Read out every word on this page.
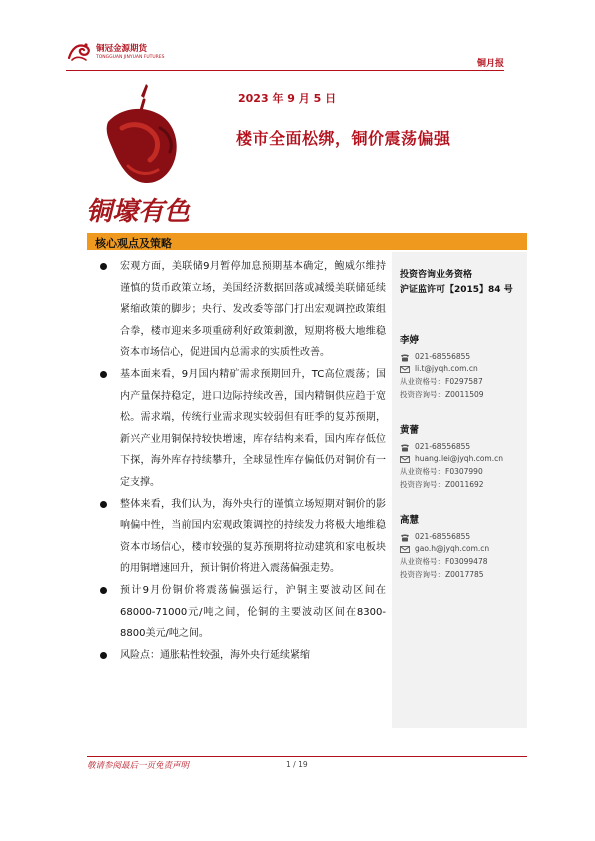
铜冠金源期货
TONGGUAN JINYUAN FUTURES
铜月报
铜壕有色
2023 年 9 月 5 日
楼市全面松绑，铜价震荡偏强
核心观点及策略
宏观方面，美联储9月暂停加息预期基本确定，鲍威尔维持谨慎的货币政策立场，美国经济数据回落或减缓美联储延续紧缩政策的脚步；央行、发改委等部门打出宏观调控政策组合拳，楼市迎来多项重磅利好政策刺激，短期将极大地维稳资本市场信心，促进国内总需求的实质性改善。
基本面来看，9月国内精矿需求预期回升，TC高位震荡；国内产量保持稳定，进口边际持续改善，国内精铜供应趋于宽松。需求端，传统行业需求现实较弱但有旺季的复苏预期，新兴产业用铜保持较快增速，库存结构来看，国内库存低位下探，海外库存持续攀升，全球显性库存偏低仍对铜价有一定支撑。
整体来看，我们认为，海外央行的谨慎立场短期对铜价的影响偏中性，当前国内宏观政策调控的持续发力将极大地维稳资本市场信心，楼市较强的复苏预期将拉动建筑和家电板块的用铜增速回升，预计铜价将进入震荡偏强走势。
预计9月份铜价将震荡偏强运行，沪铜主要波动区间在68000-71000元/吨之间，伦铜的主要波动区间在8300-8800美元/吨之间。
风险点：通胀粘性较强，海外央行延续紧缩
投资咨询业务资格
沪证监许可【2015】84 号
李婷
021-68556855
li.t@jyqh.com.cn
从业资格号：F0297587
投资咨询号：Z0011509
黄蕾
021-68556855
huang.lei@jyqh.com.cn
从业资格号：F0307990
投资咨询号：Z0011692
高慧
021-68556855
gao.h@jyqh.com.cn
从业资格号：F03099478
投资咨询号：Z0017785
敬请参阅最后一页免责声明	1 / 19
